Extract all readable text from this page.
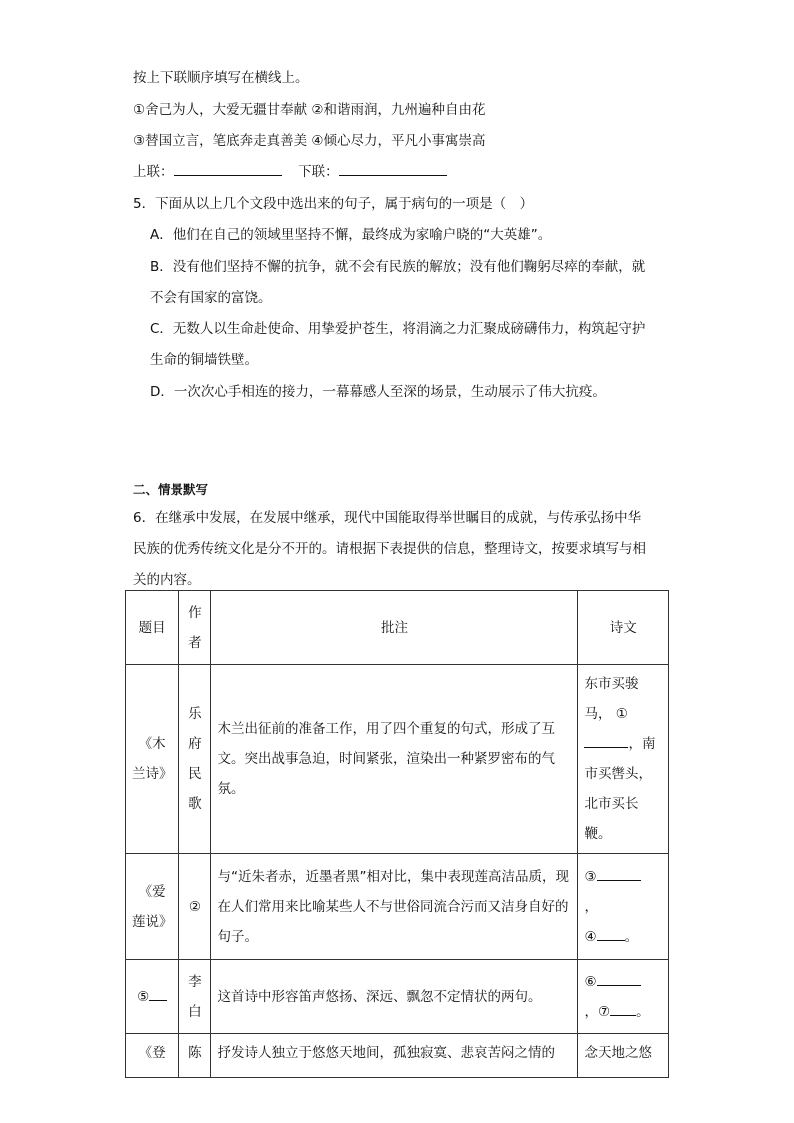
按上下联顺序填写在横线上。
①舍己为人，大爱无疆甘奉献 ②和谐雨润，九州遍种自由花
③替国立言，笔底奔走真善美 ④倾心尽力，平凡小事寓崇高
上联：	下联：
5．下面从以上几个文段中选出来的句子，属于病句的一项是（　）
A．他们在自己的领域里坚持不懈，最终成为家喻户晓的“大英雄”。
B．没有他们坚持不懈的抗争，就不会有民族的解放；没有他们鞠躬尽瘁的奉献，就
不会有国家的富饶。
C．无数人以生命赴使命、用挚爱护苍生，将涓滴之力汇聚成磅礴伟力，构筑起守护
生命的铜墙铁壁。
D．一次次心手相连的接力，一幕幕感人至深的场景，生动展示了伟大抗疫。
二、情景默写
6．在继承中发展，在发展中继承，现代中国能取得举世瞩目的成就，与传承弘扬中华
民族的优秀传统文化是分不开的。请根据下表提供的信息，整理诗文，按要求填写与相
关的内容。
题目	作者	批注	诗文
《木兰诗》	乐府民歌	木兰出征前的准备工作，用了四个重复的句式，形成了互文。突出战事急迫，时间紧张，渲染出一种紧罗密布的气氛。	东市买骏马， ①，南市买辔头，北市买长鞭。
《爱莲说》	②	与“近朱者赤，近墨者黑”相对比，集中表现莲高洁品质，现在人们常用来比喻某些人不与世俗同流合污而又洁身自好的句子。	③
，
④ 。
⑤	李白	这首诗中形容笛声悠扬、深远、飘忽不定情状的两句。	⑥
，⑦ 。
《登	陈	抒发诗人独立于悠悠天地间，孤独寂寞、悲哀苦闷之情的	念天地之悠
